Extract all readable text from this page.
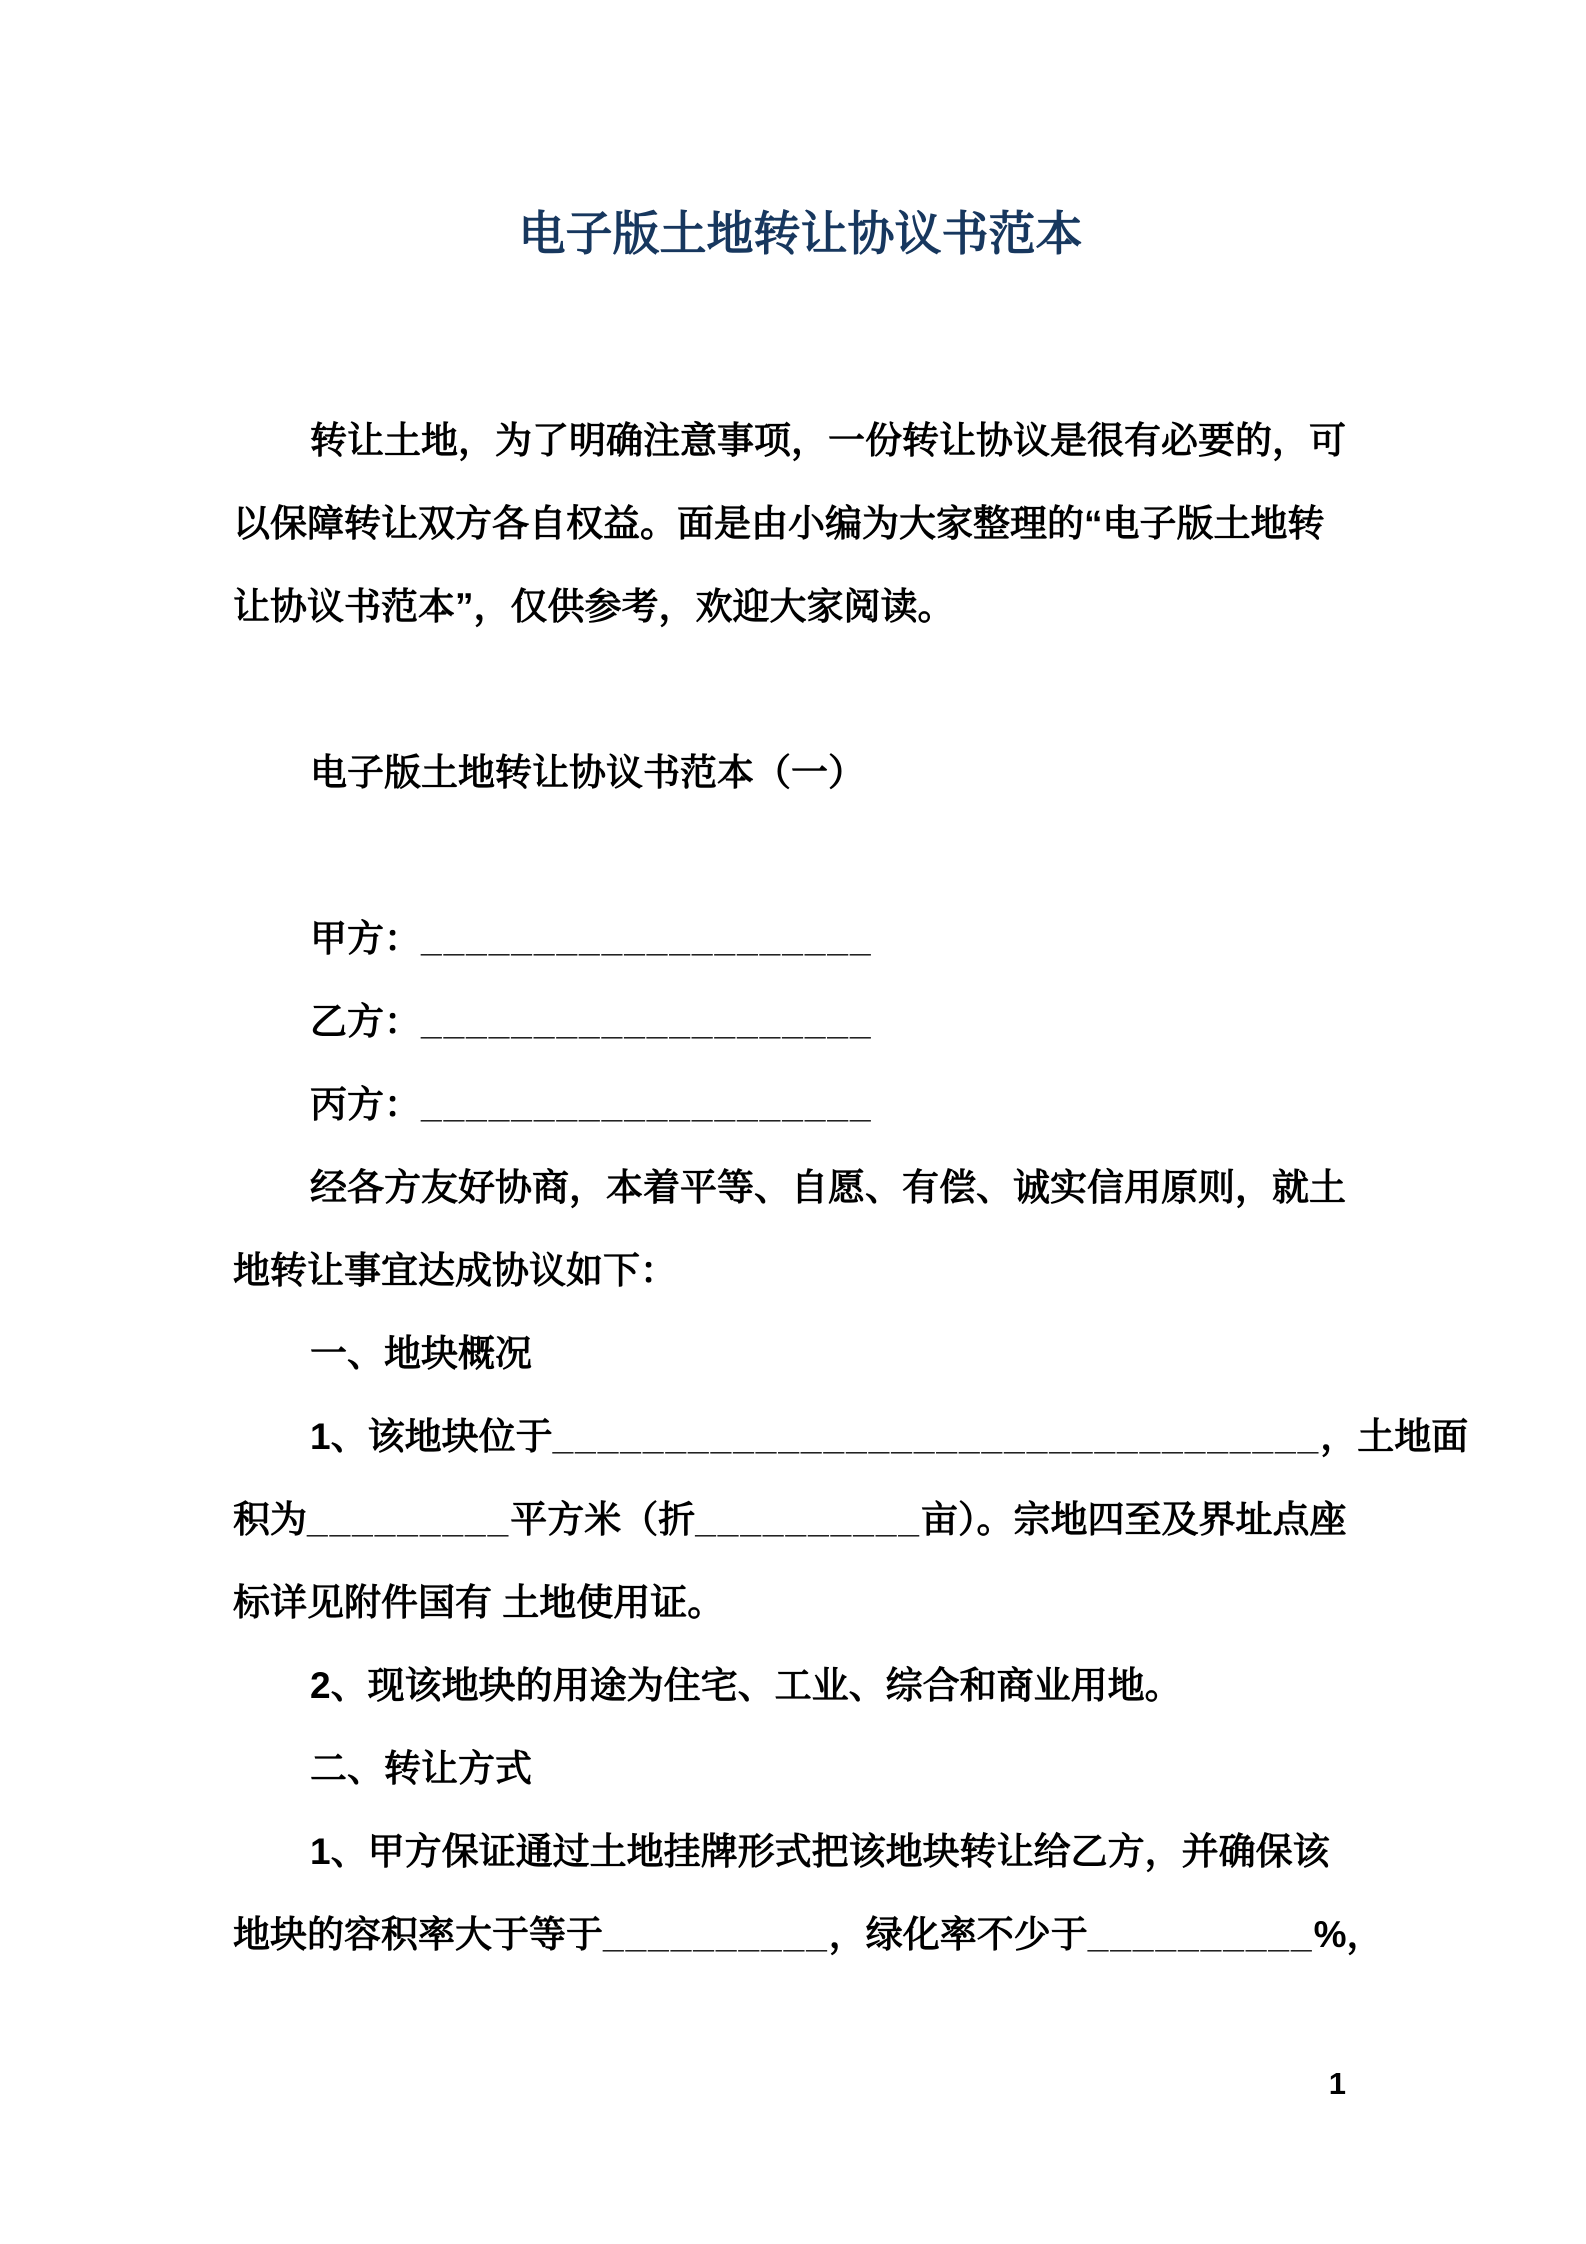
电子版土地转让协议书范本

转让土地，为了明确注意事项，一份转让协议是很有必要的，可

以保障转让双方各自权益。面是由小编为大家整理的“电子版土地转

让协议书范本”，仅供参考，欢迎大家阅读。

电子版土地转让协议书范本（一）

甲方：____________________

乙方：____________________

丙方：____________________

经各方友好协商，本着平等、自愿、有偿、诚实信用原则，就土

地转让事宜达成协议如下：

一、地块概况

1、该地块位于__________________________________，土地面

积为_________平方米（折__________亩）。宗地四至及界址点座

标详见附件国有 土地使用证。

2、现该地块的用途为住宅、工业、综合和商业用地。

二、转让方式

1、甲方保证通过土地挂牌形式把该地块转让给乙方，并确保该

地块的容积率大于等于__________，绿化率不少于__________%，

1
